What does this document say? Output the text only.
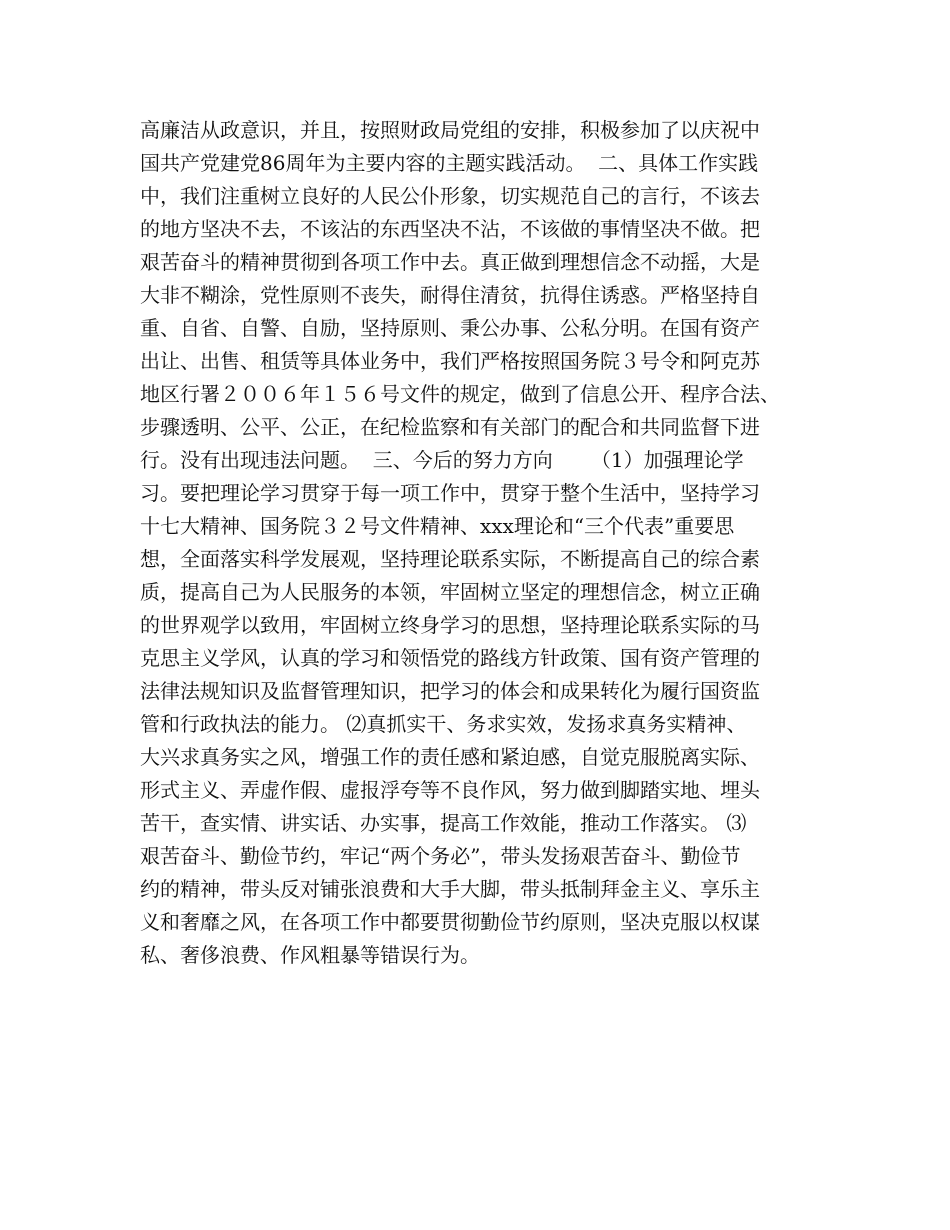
高廉洁从政意识，并且，按照财政局党组的安排，积极参加了以庆祝中
国共产党建党86周年为主要内容的主题实践活动。  二、具体工作实践
中，我们注重树立良好的人民公仆形象，切实规范自己的言行，不该去
的地方坚决不去，不该沾的东西坚决不沾，不该做的事情坚决不做。把
艰苦奋斗的精神贯彻到各项工作中去。真正做到理想信念不动摇，大是
大非不糊涂，党性原则不丧失，耐得住清贫，抗得住诱惑。严格坚持自
重、自省、自警、自励，坚持原则、秉公办事、公私分明。在国有资产
出让、出售、租赁等具体业务中，我们严格按照国务院３号令和阿克苏
地区行署２００６年１５６号文件的规定，做到了信息公开、程序合法、
步骤透明、公平、公正，在纪检监察和有关部门的配合和共同监督下进
行。没有出现违法问题。  三、今后的努力方向      （1）加强理论学
习。要把理论学习贯穿于每一项工作中，贯穿于整个生活中，坚持学习
十七大精神、国务院３２号文件精神、xxx理论和“三个代表”重要思
想，全面落实科学发展观，坚持理论联系实际，不断提高自己的综合素
质，提高自己为人民服务的本领，牢固树立坚定的理想信念，树立正确
的世界观学以致用，牢固树立终身学习的思想，坚持理论联系实际的马
克思主义学风，认真的学习和领悟党的路线方针政策、国有资产管理的
法律法规知识及监督管理知识，把学习的体会和成果转化为履行国资监
管和行政执法的能力。 ⑵真抓实干、务求实效，发扬求真务实精神、
大兴求真务实之风，增强工作的责任感和紧迫感，自觉克服脱离实际、
形式主义、弄虚作假、虚报浮夸等不良作风，努力做到脚踏实地、埋头
苦干，查实情、讲实话、办实事，提高工作效能，推动工作落实。 ⑶
艰苦奋斗、勤俭节约，牢记“两个务必”，带头发扬艰苦奋斗、勤俭节
约的精神，带头反对铺张浪费和大手大脚，带头抵制拜金主义、享乐主
义和奢靡之风，在各项工作中都要贯彻勤俭节约原则，坚决克服以权谋
私、奢侈浪费、作风粗暴等错误行为。
